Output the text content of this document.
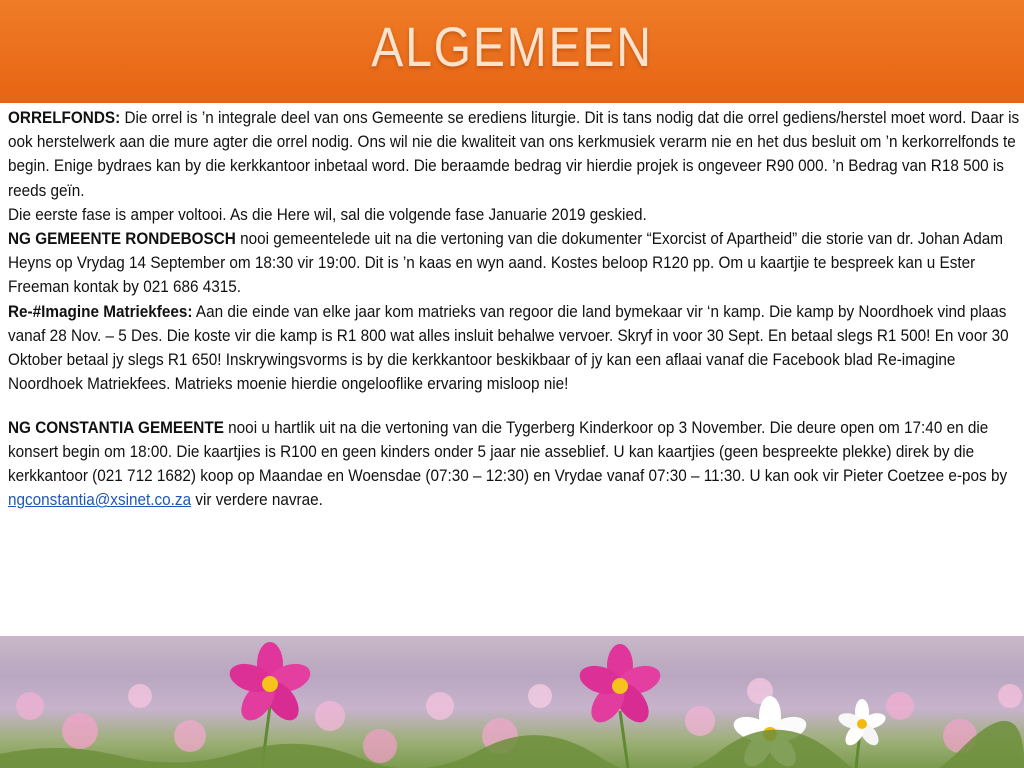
ALGEMEEN

ORRELFONDS: Die orrel is ’n integrale deel van ons Gemeente se erediens liturgie. Dit is tans nodig dat die orrel gediens/herstel moet word. Daar is ook herstelwerk aan die mure agter die orrel nodig. Ons wil nie die kwaliteit van ons kerkmusiek verarm nie en het dus besluit om ’n kerkorrelfonds te begin. Enige bydraes kan by die kerkkantoor inbetaal word. Die beraamde bedrag vir hierdie projek is ongeveer R90 000. ’n Bedrag van R18 500 is reeds geïn.

Die eerste fase is amper voltooi. As die Here wil, sal die volgende fase Januarie 2019 geskied.

NG GEMEENTE RONDEBOSCH nooi gemeentelede uit na die vertoning van die dokumenter “Exorcist of Apartheid” die storie van dr. Johan Adam Heyns op Vrydag 14 September om 18:30 vir 19:00. Dit is ’n kaas en wyn aand. Kostes beloop R120 pp. Om u kaartjie te bespreek kan u Ester Freeman kontak by 021 686 4315.

Re-#Imagine Matriekfees: Aan die einde van elke jaar kom matrieks van regoor die land bymekaar vir ‘n kamp. Die kamp by Noordhoek vind plaas vanaf 28 Nov. – 5 Des. Die koste vir die kamp is R1 800 wat alles insluit behalwe vervoer. Skryf in voor 30 Sept. En betaal slegs R1 500! En voor 30 Oktober betaal jy slegs R1 650! Inskrywingsvorms is by die kerkkantoor beskikbaar of jy kan een aflaai vanaf die Facebook blad Re-imagine Noordhoek Matriekfees. Matrieks moenie hierdie ongelooflike ervaring misloop nie!

NG CONSTANTIA GEMEENTE nooi u hartlik uit na die vertoning van die Tygerberg Kinderkoor op 3 November. Die deure open om 17:40 en die konsert begin om 18:00. Die kaartjies is R100 en geen kinders onder 5 jaar nie asseblief. U kan kaartjies (geen bespreekte plekke) direk by die kerkkantoor (021 712 1682) koop op Maandae en Woensdae (07:30 – 12:30) en Vrydae vanaf 07:30 – 11:30. U kan ook vir Pieter Coetzee e-pos by ngconstantia@xsinet.co.za vir verdere navrae.
